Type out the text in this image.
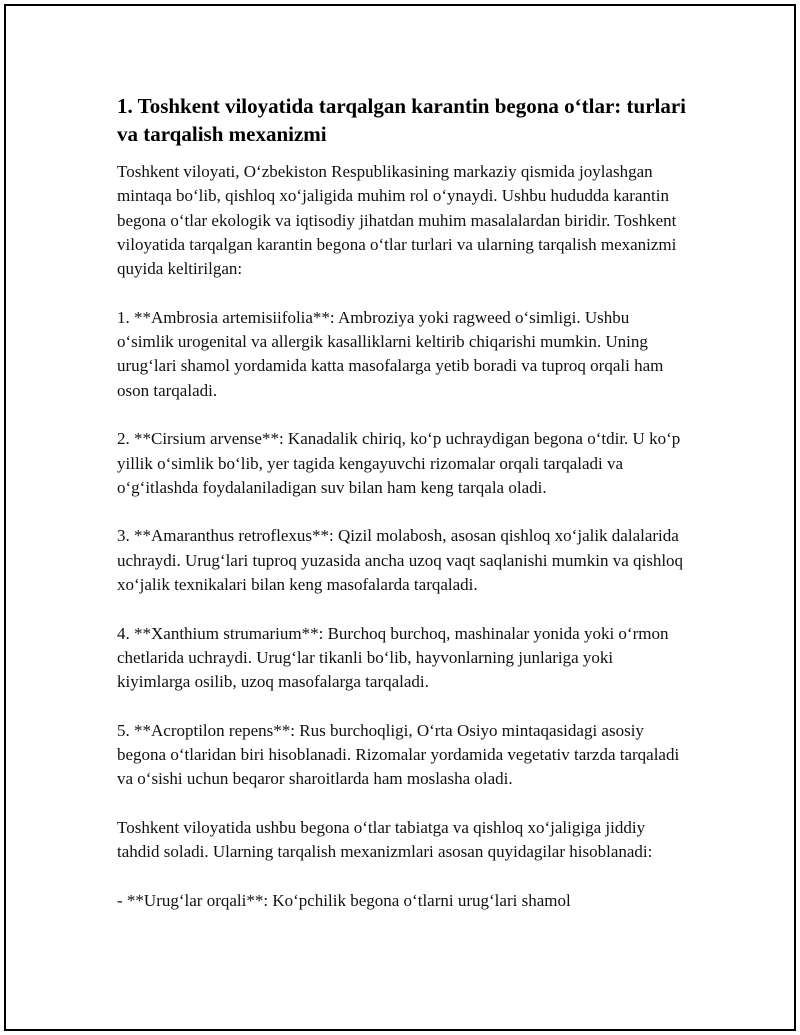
1. Toshkent viloyatida tarqalgan karantin begona o‘tlar: turlari va tarqalish mexanizmi

Toshkent viloyati, O‘zbekiston Respublikasining markaziy qismida joylashgan mintaqa bo‘lib, qishloq xo‘jaligida muhim rol o‘ynaydi. Ushbu hududda karantin begona o‘tlar ekologik va iqtisodiy jihatdan muhim masalalardan biridir. Toshkent viloyatida tarqalgan karantin begona o‘tlar turlari va ularning tarqalish mexanizmi quyida keltirilgan:

1. **Ambrosia artemisiifolia**: Ambroziya yoki ragweed o‘simligi. Ushbu o‘simlik urogenital va allergik kasalliklarni keltirib chiqarishi mumkin. Uning urug‘lari shamol yordamida katta masofalarga yetib boradi va tuproq orqali ham oson tarqaladi.

2. **Cirsium arvense**: Kanadalik chiriq, ko‘p uchraydigan begona o‘tdir. U ko‘p yillik o‘simlik bo‘lib, yer tagida kengayuvchi rizomalar orqali tarqaladi va o‘g‘itlashda foydalaniladigan suv bilan ham keng tarqala oladi.

3. **Amaranthus retroflexus**: Qizil molabosh, asosan qishloq xo‘jalik dalalarida uchraydi. Urug‘lari tuproq yuzasida ancha uzoq vaqt saqlanishi mumkin va qishloq xo‘jalik texnikalari bilan keng masofalarda tarqaladi.

4. **Xanthium strumarium**: Burchoq burchoq, mashinalar yonida yoki o‘rmon chetlarida uchraydi. Urug‘lar tikanli bo‘lib, hayvonlarning junlariga yoki kiyimlarga osilib, uzoq masofalarga tarqaladi.

5. **Acroptilon repens**: Rus burchoqligi, O‘rta Osiyo mintaqasidagi asosiy begona o‘tlaridan biri hisoblanadi. Rizomalar yordamida vegetativ tarzda tarqaladi va o‘sishi uchun beqaror sharoitlarda ham moslasha oladi.

Toshkent viloyatida ushbu begona o‘tlar tabiatga va qishloq xo‘jaligiga jiddiy tahdid soladi. Ularning tarqalish mexanizmlari asosan quyidagilar hisoblanadi:

- **Urug‘lar orqali**: Ko‘pchilik begona o‘tlarni urug‘lari shamol
